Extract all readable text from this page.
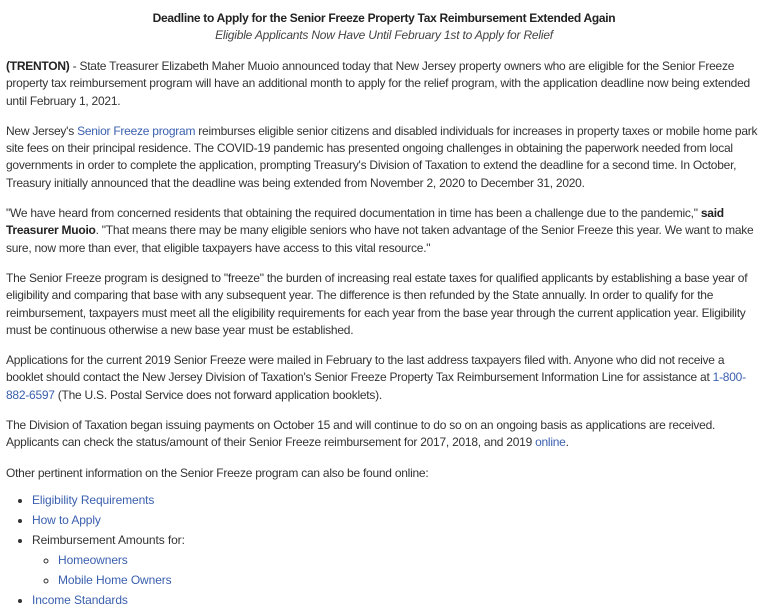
Deadline to Apply for the Senior Freeze Property Tax Reimbursement Extended Again
Eligible Applicants Now Have Until February 1st to Apply for Relief

(TRENTON) - State Treasurer Elizabeth Maher Muoio announced today that New Jersey property owners who are eligible for the Senior Freeze property tax reimbursement program will have an additional month to apply for the relief program, with the application deadline now being extended until February 1, 2021.

New Jersey's Senior Freeze program reimburses eligible senior citizens and disabled individuals for increases in property taxes or mobile home park site fees on their principal residence. The COVID-19 pandemic has presented ongoing challenges in obtaining the paperwork needed from local governments in order to complete the application, prompting Treasury's Division of Taxation to extend the deadline for a second time. In October, Treasury initially announced that the deadline was being extended from November 2, 2020 to December 31, 2020.

"We have heard from concerned residents that obtaining the required documentation in time has been a challenge due to the pandemic," said Treasurer Muoio. "That means there may be many eligible seniors who have not taken advantage of the Senior Freeze this year. We want to make sure, now more than ever, that eligible taxpayers have access to this vital resource."

The Senior Freeze program is designed to "freeze" the burden of increasing real estate taxes for qualified applicants by establishing a base year of eligibility and comparing that base with any subsequent year. The difference is then refunded by the State annually. In order to qualify for the reimbursement, taxpayers must meet all the eligibility requirements for each year from the base year through the current application year. Eligibility must be continuous otherwise a new base year must be established.

Applications for the current 2019 Senior Freeze were mailed in February to the last address taxpayers filed with. Anyone who did not receive a booklet should contact the New Jersey Division of Taxation's Senior Freeze Property Tax Reimbursement Information Line for assistance at 1-800-882-6597 (The U.S. Postal Service does not forward application booklets).

The Division of Taxation began issuing payments on October 15 and will continue to do so on an ongoing basis as applications are received. Applicants can check the status/amount of their Senior Freeze reimbursement for 2017, 2018, and 2019 online.

Other pertinent information on the Senior Freeze program can also be found online:

• Eligibility Requirements
• How to Apply
• Reimbursement Amounts for:
◦ Homeowners
◦ Mobile Home Owners
• Income Standards
